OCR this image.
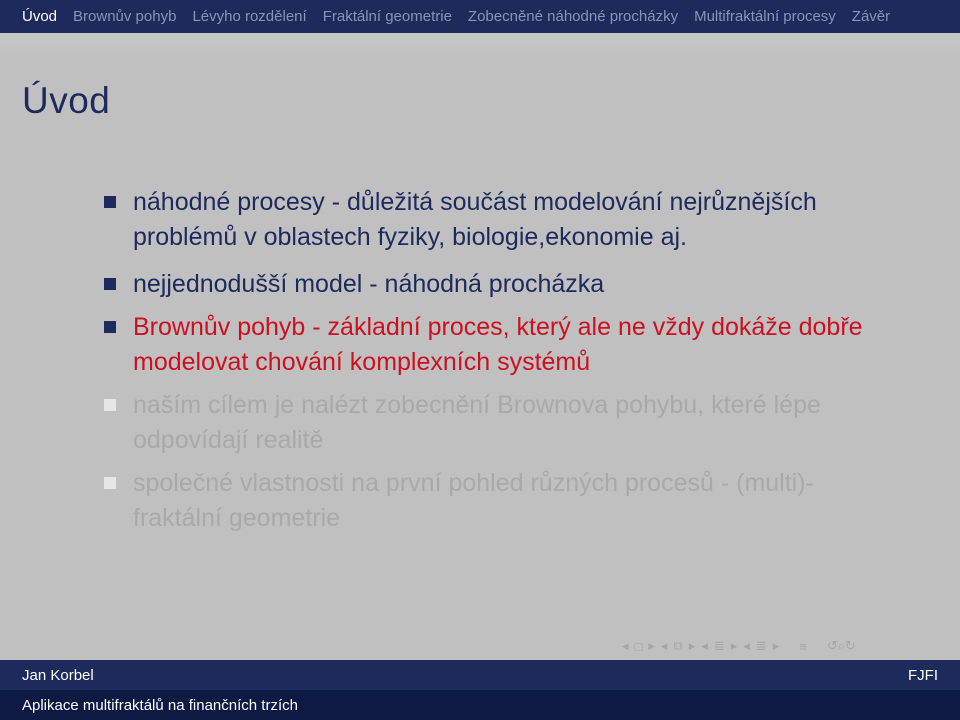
Úvod Brownův pohyb Lévyho rozdělení Fraktální geometrie Zobecněné náhodné procházky Multifraktální procesy Závěr
Úvod
náhodné procesy - důležitá součást modelování nejrůznějších problémů v oblastech fyziky, biologie,ekonomie aj.
nejjednodušší model - náhodná procházka
Brownův pohyb - základní proces, který ale ne vždy dokáže dobře modelovat chování komplexních systémů
naším cílem je nalézt zobecnění Brownova pohybu, které lépe odpovídají realitě
společné vlastnosti na první pohled různých procesů - (multi)-fraktální geometrie
◂ □ ▸ ◂ ⧉ ▸ ◂ ≣ ▸ ◂ ≣ ▸ ≡ ↺⌕↻
Jan Korbel	FJFI
Aplikace multifraktálů na finančních trzích
